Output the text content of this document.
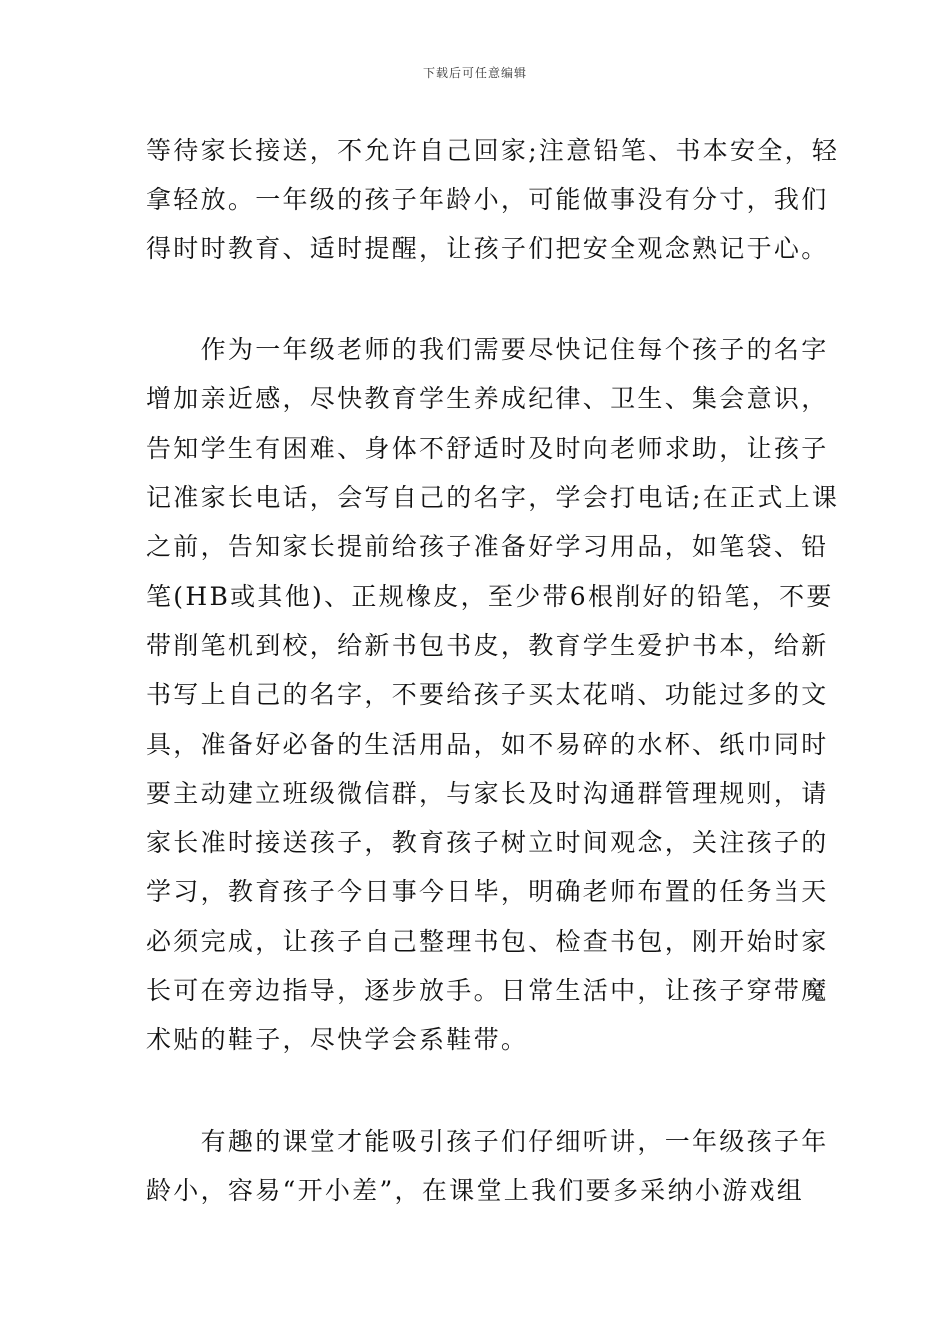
下载后可任意编辑
等待家长接送，不允许自己回家;注意铅笔、书本安全，轻
拿轻放。一年级的孩子年龄小，可能做事没有分寸，我们
得时时教育、适时提醒，让孩子们把安全观念熟记于心。
　　作为一年级老师的我们需要尽快记住每个孩子的名字
增加亲近感，尽快教育学生养成纪律、卫生、集会意识，
告知学生有困难、身体不舒适时及时向老师求助，让孩子
记准家长电话，会写自己的名字，学会打电话;在正式上课
之前，告知家长提前给孩子准备好学习用品，如笔袋、铅
笔(HB或其他)、正规橡皮，至少带6根削好的铅笔，不要
带削笔机到校，给新书包书皮，教育学生爱护书本，给新
书写上自己的名字，不要给孩子买太花哨、功能过多的文
具，准备好必备的生活用品，如不易碎的水杯、纸巾同时
要主动建立班级微信群，与家长及时沟通群管理规则，请
家长准时接送孩子，教育孩子树立时间观念，关注孩子的
学习，教育孩子今日事今日毕，明确老师布置的任务当天
必须完成，让孩子自己整理书包、检查书包，刚开始时家
长可在旁边指导，逐步放手。日常生活中，让孩子穿带魔
术贴的鞋子，尽快学会系鞋带。
　　有趣的课堂才能吸引孩子们仔细听讲，一年级孩子年
龄小，容易“开小差”，在课堂上我们要多采纳小游戏组
